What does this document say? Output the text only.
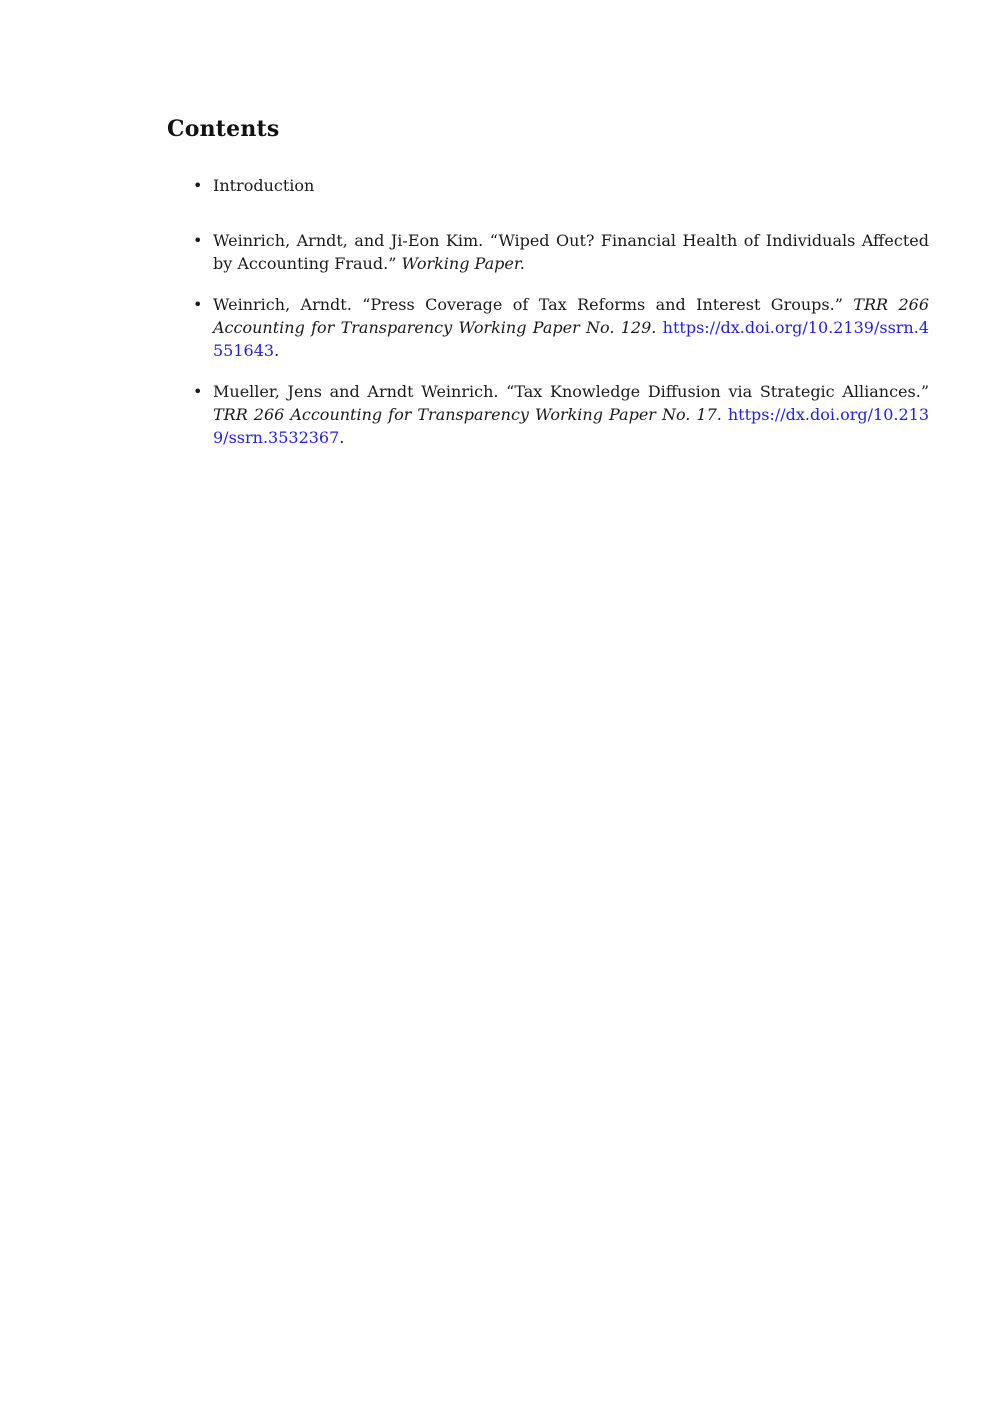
Contents
• Introduction
• Weinrich, Arndt, and Ji-Eon Kim. “Wiped Out? Financial Health of Individuals Affected by Accounting Fraud.” Working Paper.
• Weinrich, Arndt. “Press Coverage of Tax Reforms and Interest Groups.” TRR 266 Accounting for Transparency Working Paper No. 129. https://dx.doi.org/10.2139/ssrn.4551643.
• Mueller, Jens and Arndt Weinrich. “Tax Knowledge Diffusion via Strategic Alliances.” TRR 266 Accounting for Transparency Working Paper No. 17. https://dx.doi.org/10.2139/ssrn.3532367.
